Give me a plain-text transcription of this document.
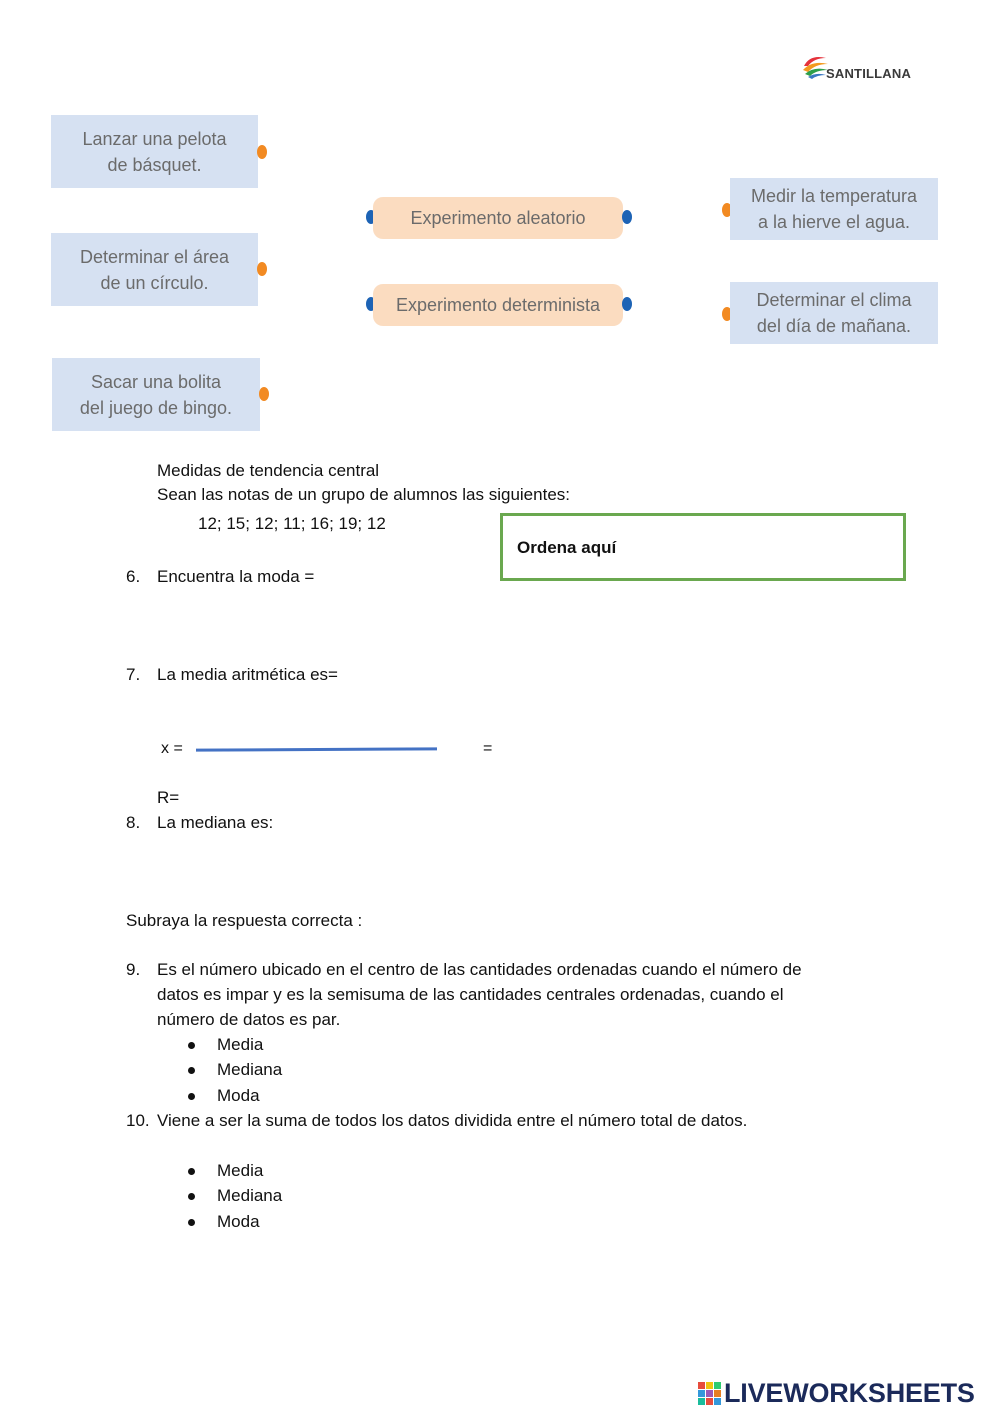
SANTILLANA
Lanzar una pelota
de básquet.
Determinar el área
de un círculo.
Sacar una bolita
del juego de bingo.
Experimento aleatorio
Experimento determinista
Medir la temperatura
a la hierve el agua.
Determinar el clima
del día de mañana.
Medidas de tendencia central
Sean las notas de un grupo de alumnos las siguientes:
12; 15; 12; 11; 16; 19; 12
Ordena aquí
6. Encuentra la moda =
7. La media aritmética es=
x =	=
R=
8. La mediana es:
Subraya la respuesta correcta :
9. Es el número ubicado en el centro de las cantidades ordenadas cuando el número de
datos es impar y es la semisuma de las cantidades centrales ordenadas, cuando el
número de datos es par.
Media
Mediana
Moda
10. Viene a ser la suma de todos los datos dividida entre el número total de datos.
Media
Mediana
Moda
LIVEWORKSHEETS
